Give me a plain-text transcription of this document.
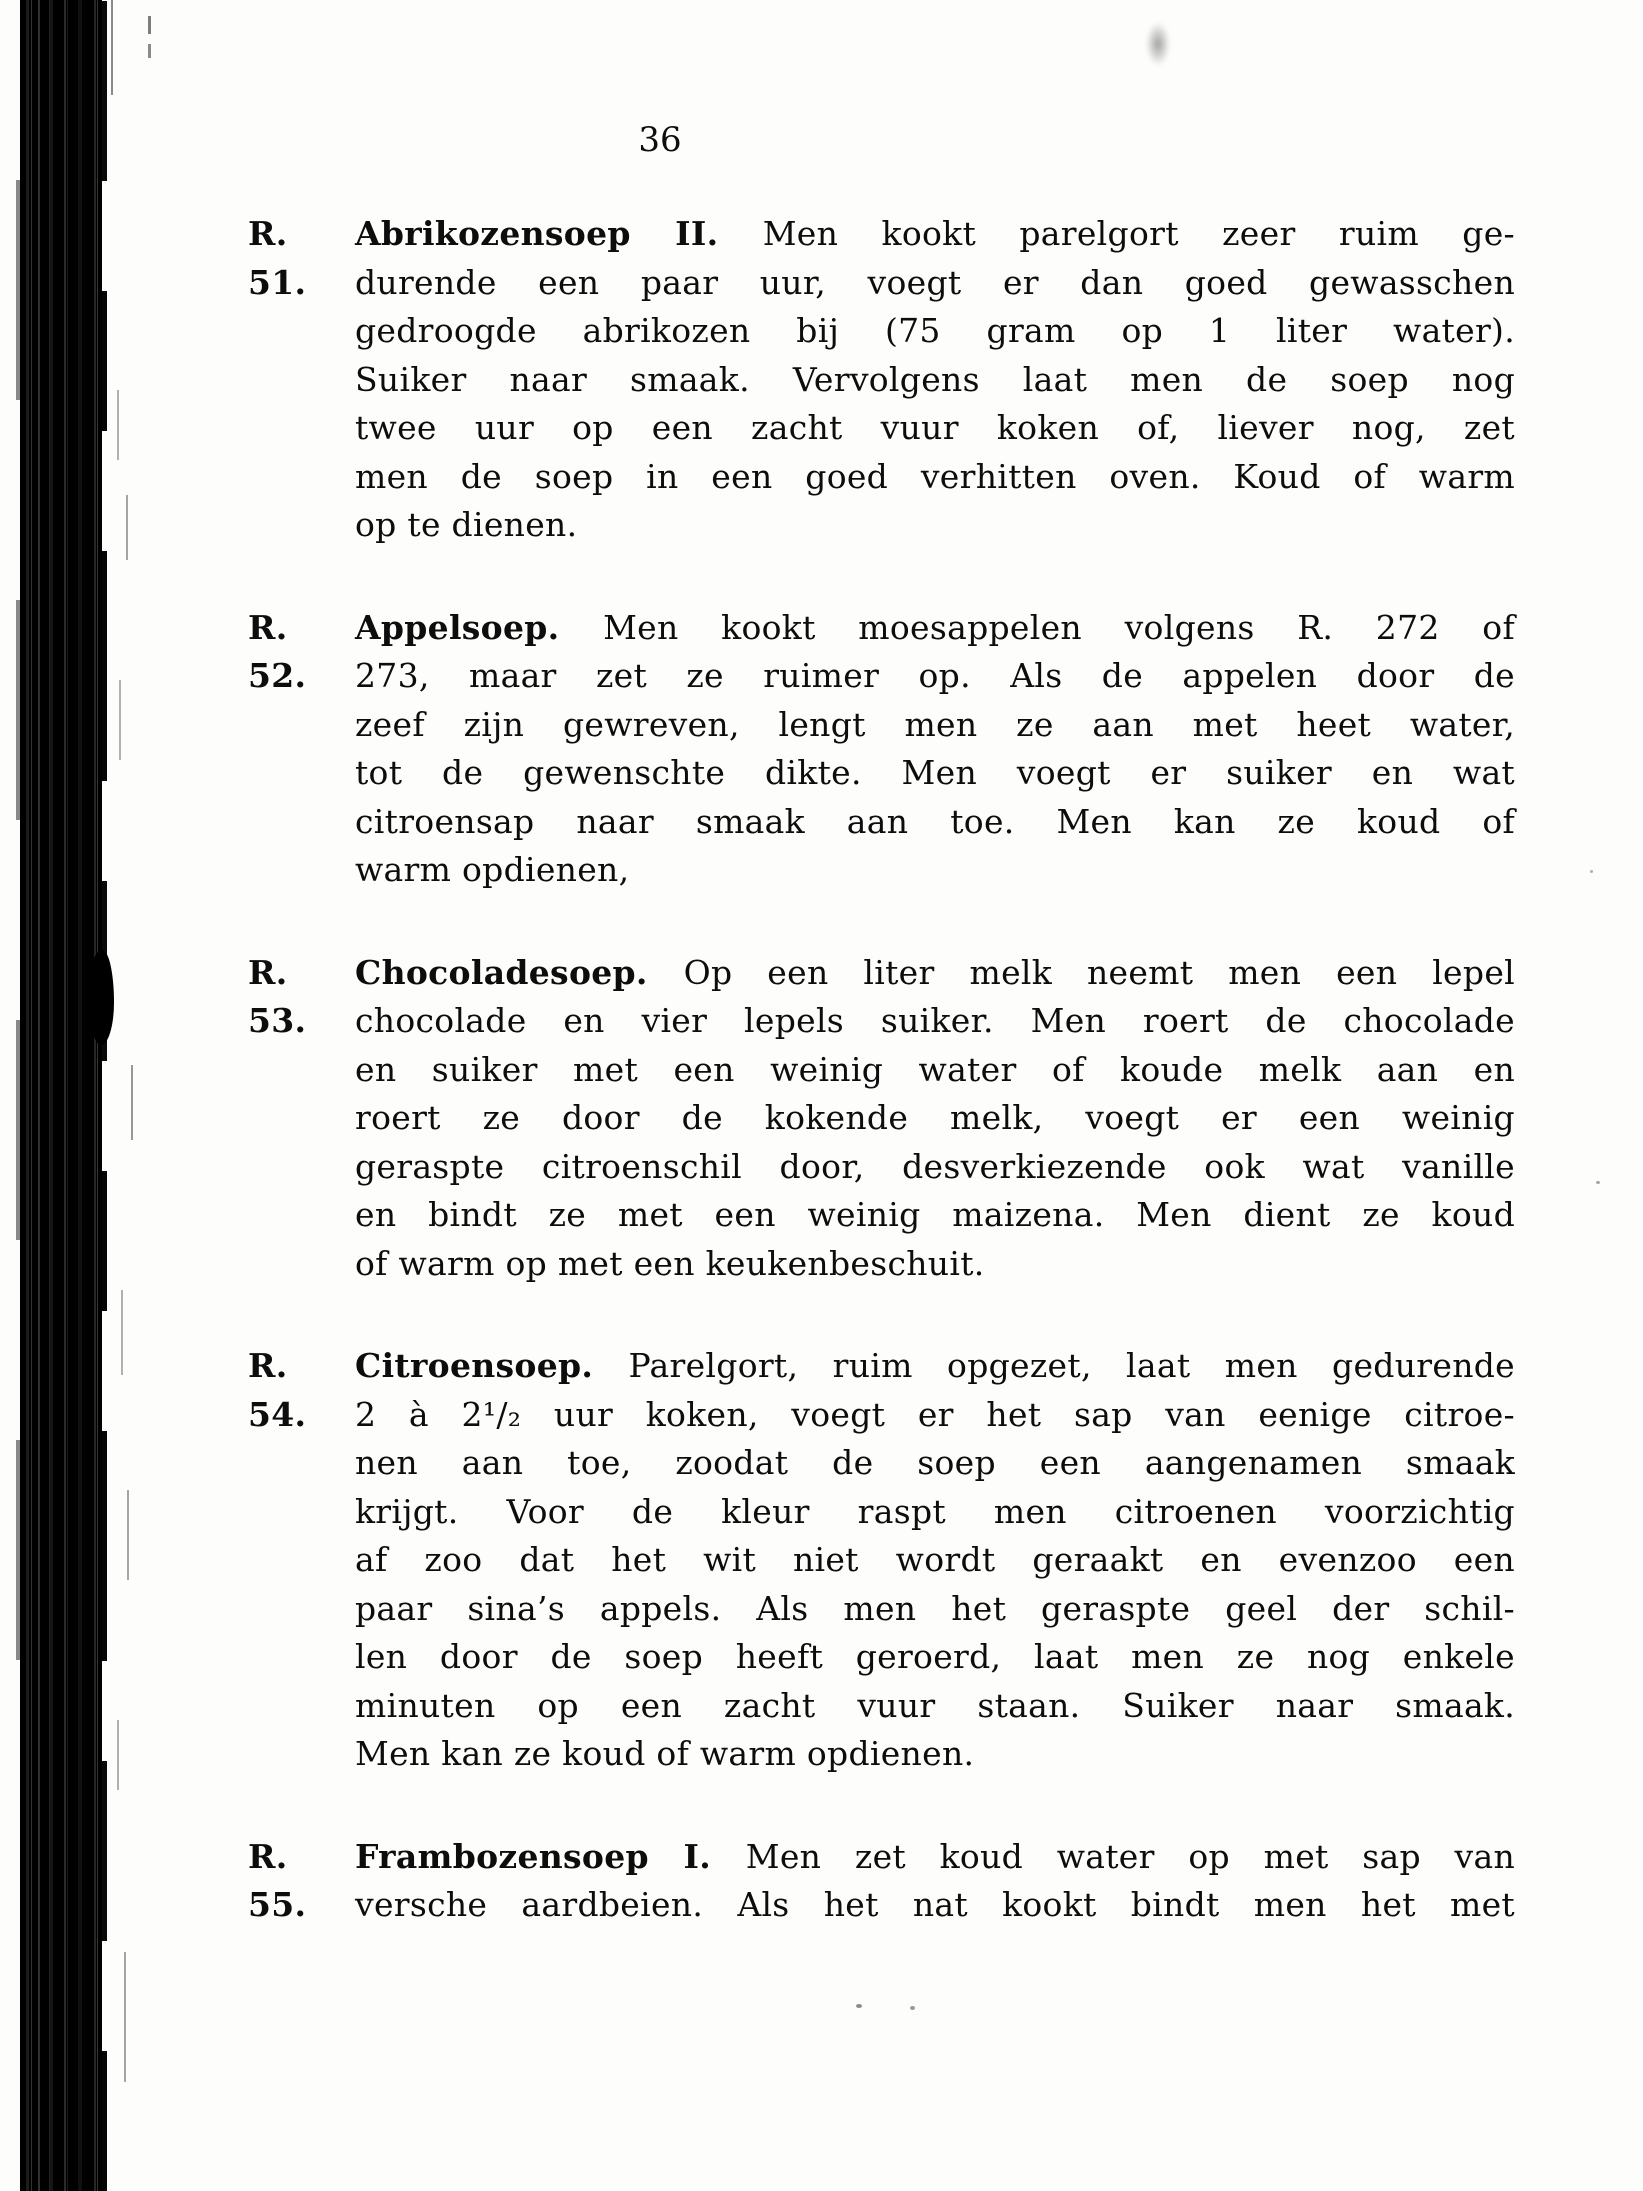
36
R. 51.
Abrikozensoep II. Men kookt parelgort zeer ruim ge-
durende een paar uur, voegt er dan goed gewasschen
gedroogde abrikozen bij (75 gram op 1 liter water).
Suiker naar smaak. Vervolgens laat men de soep nog
twee uur op een zacht vuur koken of, liever nog, zet
men de soep in een goed verhitten oven. Koud of warm
op te dienen.
R. 52.
Appelsoep. Men kookt moesappelen volgens R. 272 of
273, maar zet ze ruimer op. Als de appelen door de
zeef zijn gewreven, lengt men ze aan met heet water,
tot de gewenschte dikte. Men voegt er suiker en wat
citroensap naar smaak aan toe. Men kan ze koud of
warm opdienen,
R. 53.
Chocoladesoep. Op een liter melk neemt men een lepel
chocolade en vier lepels suiker. Men roert de chocolade
en suiker met een weinig water of koude melk aan en
roert ze door de kokende melk, voegt er een weinig
geraspte citroenschil door, desverkiezende ook wat vanille
en bindt ze met een weinig maizena. Men dient ze koud
of warm op met een keukenbeschuit.
R. 54.
Citroensoep. Parelgort, ruim opgezet, laat men gedurende
2 à 2¹/₂ uur koken, voegt er het sap van eenige citroe-
nen aan toe, zoodat de soep een aangenamen smaak
krijgt. Voor de kleur raspt men citroenen voorzichtig
af zoo dat het wit niet wordt geraakt en evenzoo een
paar sina’s appels. Als men het geraspte geel der schil-
len door de soep heeft geroerd, laat men ze nog enkele
minuten op een zacht vuur staan. Suiker naar smaak.
Men kan ze koud of warm opdienen.
R. 55.
Frambozensoep I. Men zet koud water op met sap van
versche aardbeien. Als het nat kookt bindt men het met
